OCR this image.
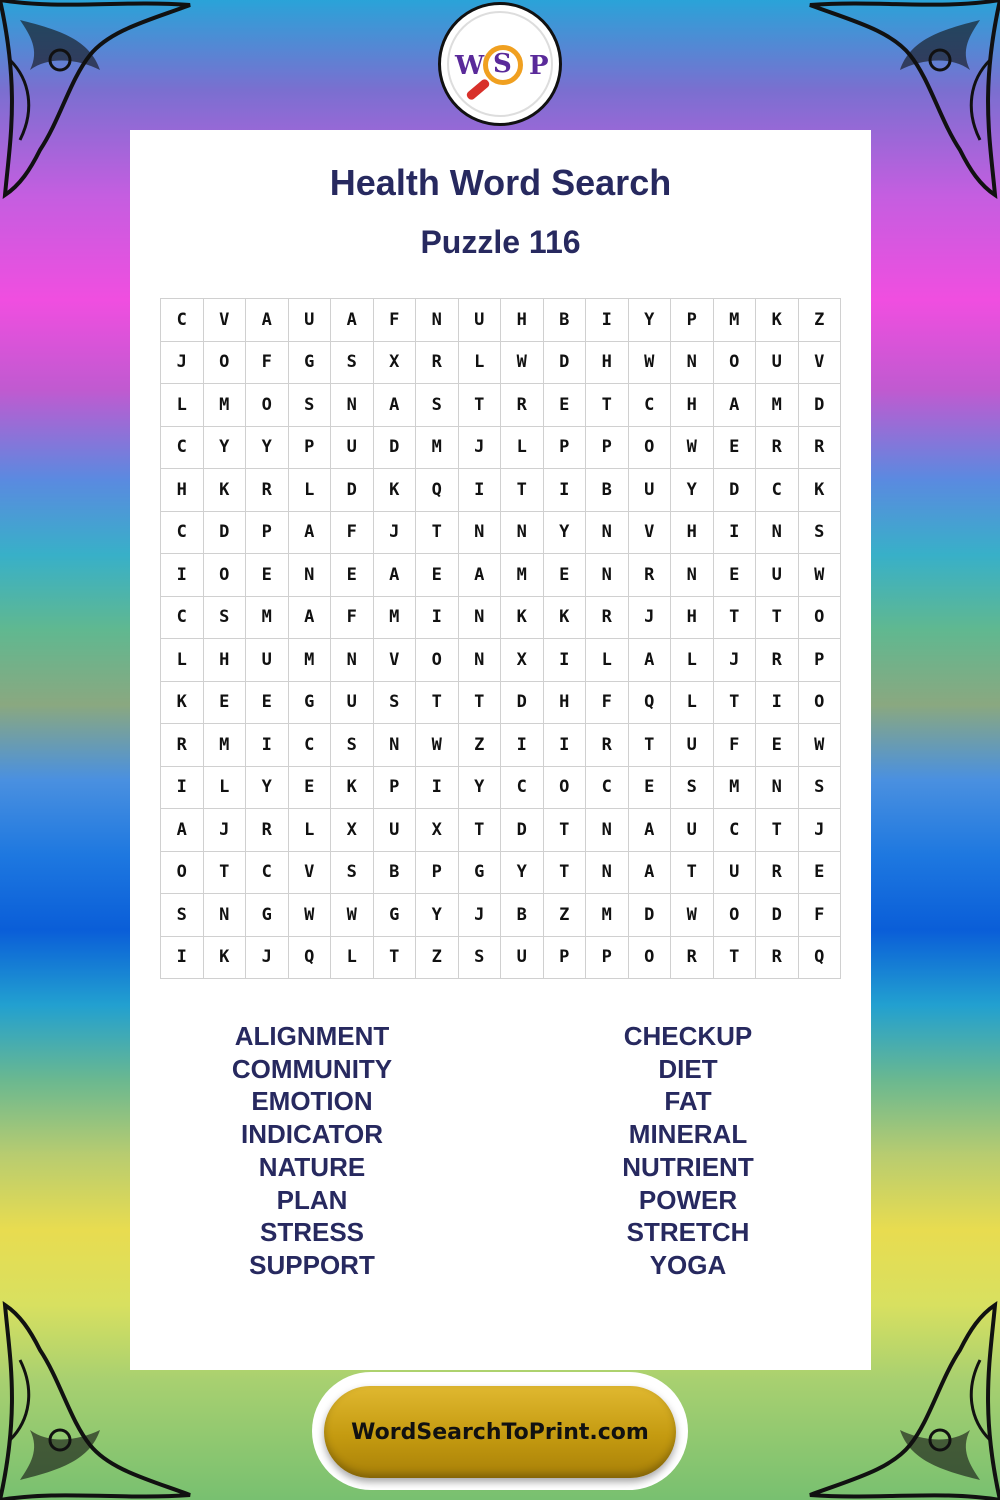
W S P
Health Word Search
Puzzle 116
C	V	A	U	A	F	N	U	H	B	I	Y	P	M	K	Z
J	O	F	G	S	X	R	L	W	D	H	W	N	O	U	V
L	M	O	S	N	A	S	T	R	E	T	C	H	A	M	D
C	Y	Y	P	U	D	M	J	L	P	P	O	W	E	R	R
H	K	R	L	D	K	Q	I	T	I	B	U	Y	D	C	K
C	D	P	A	F	J	T	N	N	Y	N	V	H	I	N	S
I	O	E	N	E	A	E	A	M	E	N	R	N	E	U	W
C	S	M	A	F	M	I	N	K	K	R	J	H	T	T	O
L	H	U	M	N	V	O	N	X	I	L	A	L	J	R	P
K	E	E	G	U	S	T	T	D	H	F	Q	L	T	I	O
R	M	I	C	S	N	W	Z	I	I	R	T	U	F	E	W
I	L	Y	E	K	P	I	Y	C	O	C	E	S	M	N	S
A	J	R	L	X	U	X	T	D	T	N	A	U	C	T	J
O	T	C	V	S	B	P	G	Y	T	N	A	T	U	R	E
S	N	G	W	W	G	Y	J	B	Z	M	D	W	O	D	F
I	K	J	Q	L	T	Z	S	U	P	P	O	R	T	R	Q
ALIGNMENT
COMMUNITY
EMOTION
INDICATOR
NATURE
PLAN
STRESS
SUPPORT
CHECKUP
DIET
FAT
MINERAL
NUTRIENT
POWER
STRETCH
YOGA
WordSearchToPrint.com
